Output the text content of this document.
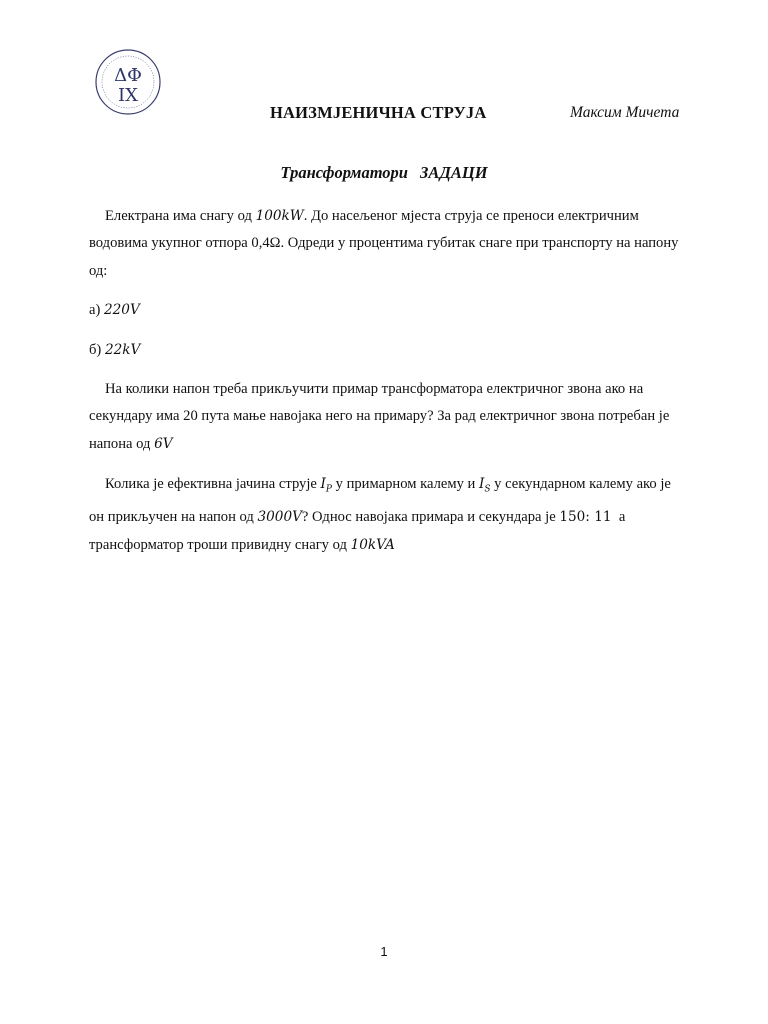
ΔΦ
IX
НАИЗМЈЕНИЧНА СТРУЈА	Максим Мичета
Трансформатори ЗАДАЦИ

Електрана има снагу од 100kW. До насељеног мјеста струја се преноси електричним водовима укупног отпора 0,4Ω. Одреди у процентима губитак снаге при транспорту на напону од:

а) 220V

б) 22kV

На колики напон треба прикључити примар трансформатора електричног звона ако на секундару има 20 пута мање навојака него на примару? За рад електричног звона потребан је напона од 6V

Колика је ефективна јачина струје $I_P$ у примарном калему и $I_S$ у секундарном калему ако је он прикључен на напон од 3000V? Однос навојака примара и секундара је 150: 11  а трансформатор троши привидну снагу од 10kVA

1
